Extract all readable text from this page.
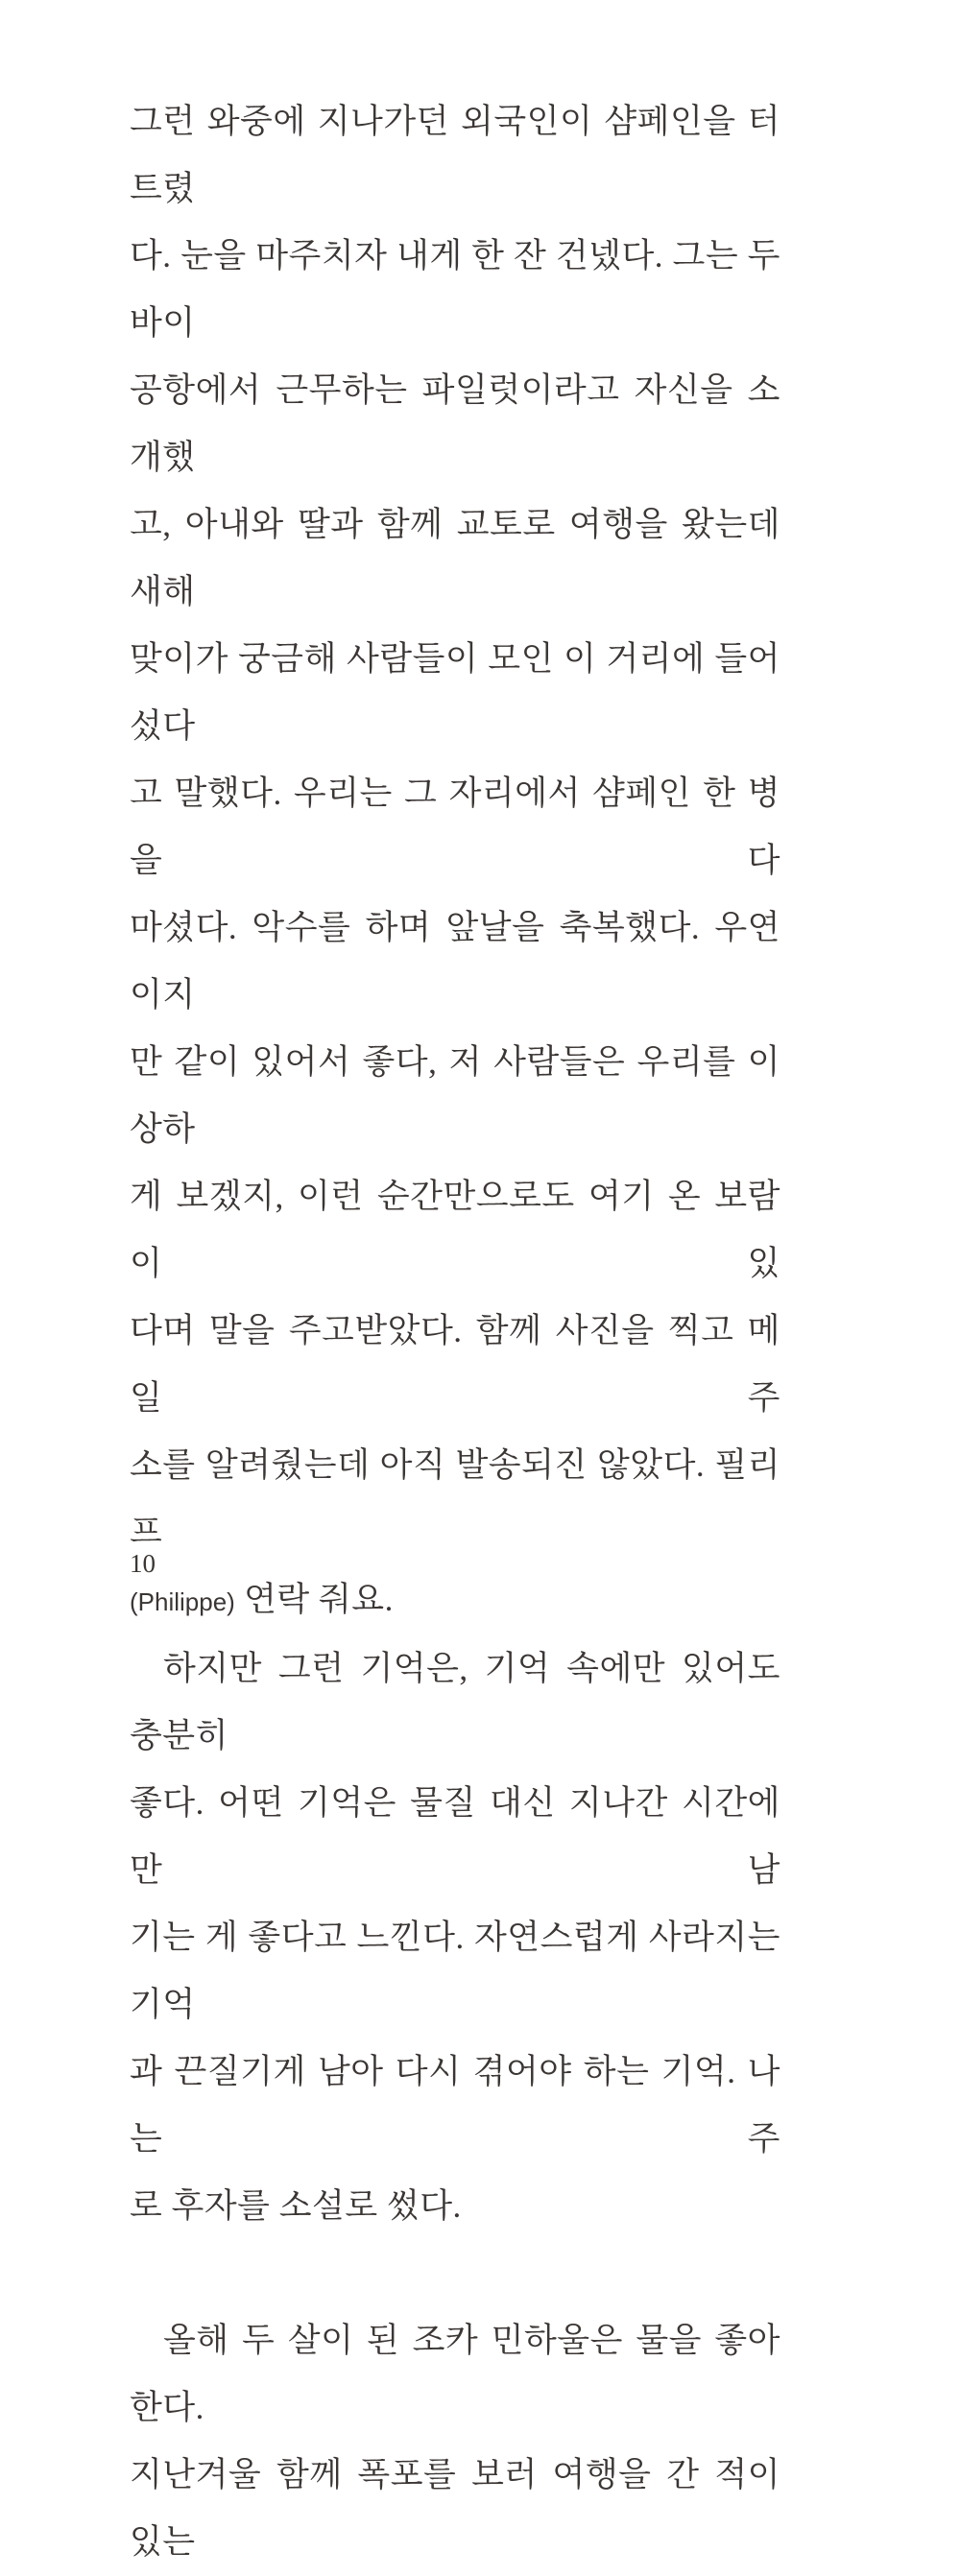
그런 와중에 지나가던 외국인이 샴페인을 터트렸

다. 눈을 마주치자 내게 한 잔 건넸다. 그는 두바이

공항에서 근무하는 파일럿이라고 자신을 소개했

고, 아내와 딸과 함께 교토로 여행을 왔는데 새해

맞이가 궁금해 사람들이 모인 이 거리에 들어섰다

고 말했다. 우리는 그 자리에서 샴페인 한 병을 다

마셨다. 악수를 하며 앞날을 축복했다. 우연이지

만 같이 있어서 좋다, 저 사람들은 우리를 이상하

게 보겠지, 이런 순간만으로도 여기 온 보람이 있

다며 말을 주고받았다. 함께 사진을 찍고 메일 주

소를 알려줬는데 아직 발송되진 않았다. 필리프

(Philippe) 연락 줘요.

하지만 그런 기억은, 기억 속에만 있어도 충분히

좋다. 어떤 기억은 물질 대신 지나간 시간에만 남

기는 게 좋다고 느낀다. 자연스럽게 사라지는 기억

과 끈질기게 남아 다시 겪어야 하는 기억. 나는 주

로 후자를 소설로 썼다.

올해 두 살이 된 조카 민하울은 물을 좋아한다.

지난겨울 함께 폭포를 보러 여행을 간 적이 있는

10
